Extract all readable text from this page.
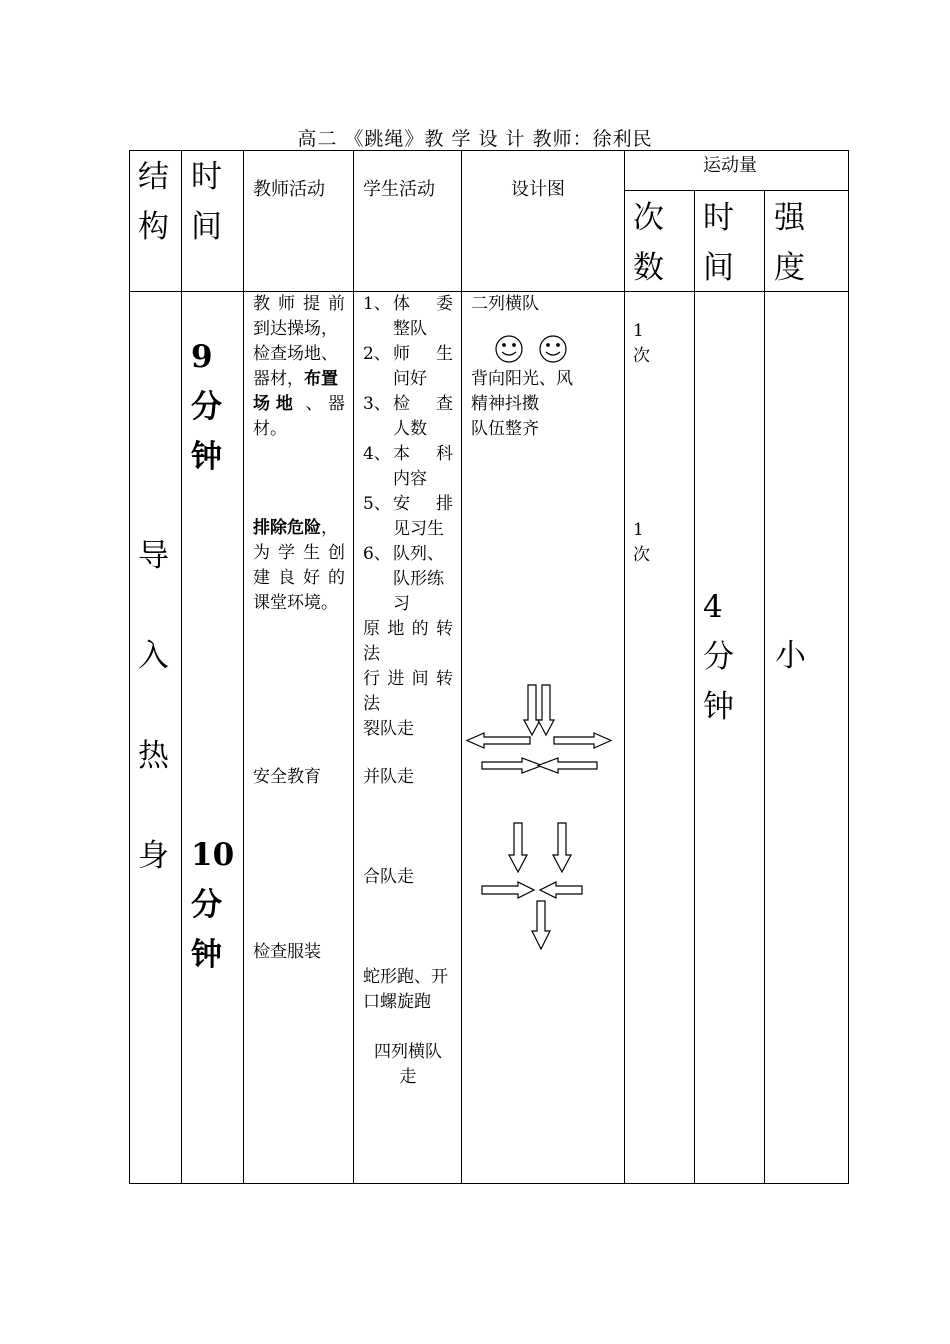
高二 《跳绳》教 学 设 计 教师：徐利民
结
构
时
间
教师活动 学生活动	设计图
运动量
次
数
时
间
强
度
导
入
热
身
9
分
钟
10
分
钟
教 师 提 前
到达操场，
检查场地、
器材，布置
场 地 、 器
材。
排除危险，
为 学 生 创
建 良 好 的
课堂环境。
安全教育
检查服装
1、 体 委
整队
2、 师 生
问好
3、 检 查
人数
4、 本 科
内容
5、 安 排
见习生
6、 队列、
队形练
习
原 地 的 转
法
行 进 间 转
法
裂队走
并队走
合队走
蛇形跑、开
口螺旋跑
四列横队
走
二列横队
背向阳光、风
精神抖擞
队伍整齐
1
次
1
次
4
分
钟
小
